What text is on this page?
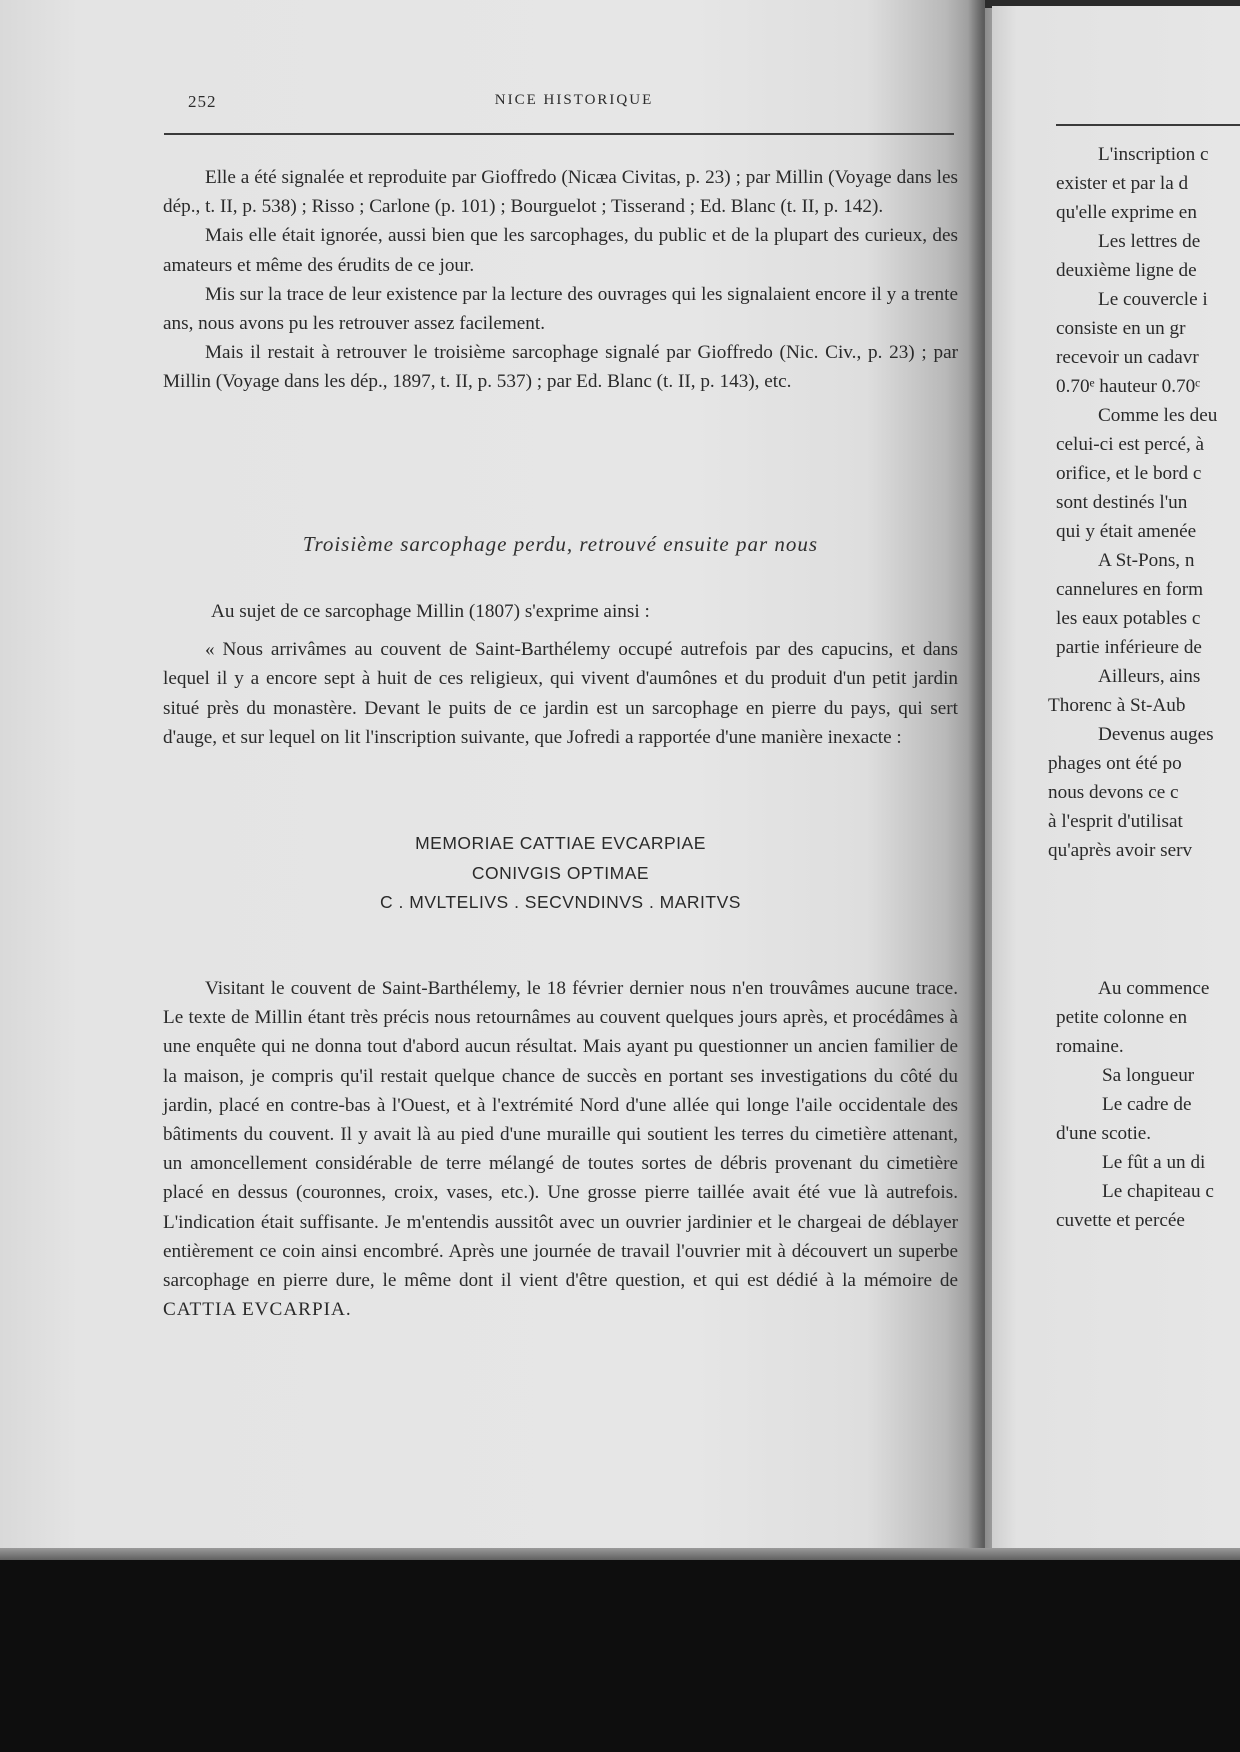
L'inscription c
exister et par la d
qu'elle exprime en
Les lettres de
deuxième ligne de
Le couvercle i
consiste en un gr
recevoir un cadavr
0.70ᵉ hauteur 0.70ᶜ
Comme les deu
celui-ci est percé, à
orifice, et le bord c
sont destinés l'un
qui y était amenée
A St-Pons, n
cannelures en form
les eaux potables c
partie inférieure de
Ailleurs, ains
Thorenc à St-Aub
Devenus auges
phages ont été po
nous devons ce c
à l'esprit d'utilisat
qu'après avoir serv
Au commence
petite colonne en
romaine.
Sa longueur
Le cadre de
d'une scotie.
Le fût a un di
Le chapiteau c
cuvette et percée
252	NICE HISTORIQUE

Elle a été signalée et reproduite par Gioffredo (Nicæa Civitas, p. 23) ; par Millin (Voyage dans les dép., t. II, p. 538) ; Risso ; Carlone (p. 101) ; Bourguelot ; Tisserand ; Ed. Blanc (t. II, p. 142).

Mais elle était ignorée, aussi bien que les sarcophages, du public et de la plupart des curieux, des amateurs et même des érudits de ce jour.

Mis sur la trace de leur existence par la lecture des ouvrages qui les signalaient encore il y a trente ans, nous avons pu les retrouver assez facilement.

Mais il restait à retrouver le troisième sarcophage signalé par Gioffredo (Nic. Civ., p. 23) ; par Millin (Voyage dans les dép., 1897, t. II, p. 537) ; par Ed. Blanc (t. II, p. 143), etc.

Troisième sarcophage perdu, retrouvé ensuite par nous

Au sujet de ce sarcophage Millin (1807) s'exprime ainsi :

« Nous arrivâmes au couvent de Saint-Barthélemy occupé autrefois par des capucins, et dans lequel il y a encore sept à huit de ces religieux, qui vivent d'aumônes et du produit d'un petit jardin situé près du monastère. Devant le puits de ce jardin est un sarcophage en pierre du pays, qui sert d'auge, et sur lequel on lit l'inscription suivante, que Jofredi a rapportée d'une manière inexacte :

MEMORIAE CATTIAE EVCARPIAE
CONIVGIS OPTIMAE
C . MVLTELIVS . SECVNDINVS . MARITVS

Visitant le couvent de Saint-Barthélemy, le 18 février dernier nous n'en trouvâmes aucune trace. Le texte de Millin étant très précis nous retournâmes au couvent quelques jours après, et procédâmes à une enquête qui ne donna tout d'abord aucun résultat. Mais ayant pu questionner un ancien familier de la maison, je compris qu'il restait quelque chance de succès en portant ses investigations du côté du jardin, placé en contre-bas à l'Ouest, et à l'extrémité Nord d'une allée qui longe l'aile occidentale des bâtiments du couvent. Il y avait là au pied d'une muraille qui soutient les terres du cimetière attenant, un amoncellement considérable de terre mélangé de toutes sortes de débris provenant du cimetière placé en dessus (couronnes, croix, vases, etc.). Une grosse pierre taillée avait été vue là autrefois. L'indication était suffisante. Je m'entendis aussitôt avec un ouvrier jardinier et le chargeai de déblayer entièrement ce coin ainsi encombré. Après une journée de travail l'ouvrier mit à découvert un superbe sarcophage en pierre dure, le même dont il vient d'être question, et qui est dédié à la mémoire de CATTIA EVCARPIA.
